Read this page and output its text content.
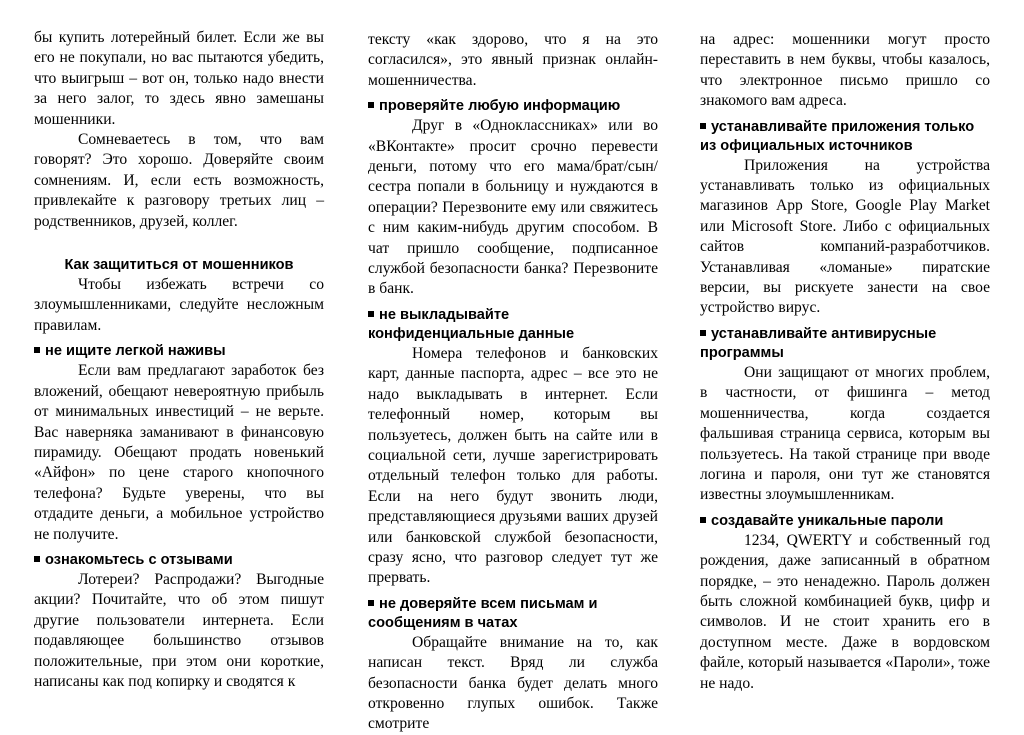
бы купить лотерейный билет. Если же вы его не покупали, но вас пытаются убедить, что выигрыш – вот он, только надо внести за него залог, то здесь явно замешаны мошенники.

Сомневаетесь в том, что вам говорят? Это хорошо. Доверяйте своим сомнениям. И, если есть возможность, привлекайте к разговору третьих лиц – родственников, друзей, коллег.

Как защититься от мошенников

Чтобы избежать встречи со злоумышленниками, следуйте несложным правилам.

не ищите легкой наживы

Если вам предлагают заработок без вложений, обещают невероятную прибыль от минимальных инвестиций – не верьте. Вас наверняка заманивают в финансовую пирамиду. Обещают продать новенький «Айфон» по цене старого кнопочного телефона? Будьте уверены, что вы отдадите деньги, а мобильное устройство не получите.

ознакомьтесь с отзывами

Лотереи? Распродажи? Выгодные акции? Почитайте, что об этом пишут другие пользователи интернета. Если подавляющее большинство отзывов положительные, при этом они короткие, написаны как под копирку и сводятся к

тексту «как здорово, что я на это согласился», это явный признак онлайн-мошенничества.

проверяйте любую информацию

Друг в «Одноклассниках» или во «ВКонтакте» просит срочно перевести деньги, потому что его мама/брат/сын/сестра попали в больницу и нуждаются в операции? Перезвоните ему или свяжитесь с ним каким-нибудь другим способом. В чат пришло сообщение, подписанное службой безопасности банка? Перезвоните в банк.

не выкладывайте конфиденциальные данные

Номера телефонов и банковских карт, данные паспорта, адрес – все это не надо выкладывать в интернет. Если телефонный номер, которым вы пользуетесь, должен быть на сайте или в социальной сети, лучше зарегистрировать отдельный телефон только для работы. Если на него будут звонить люди, представляющиеся друзьями ваших друзей или банковской службой безопасности, сразу ясно, что разговор следует тут же прервать.

не доверяйте всем письмам и сообщениям в чатах

Обращайте внимание на то, как написан текст. Вряд ли служба безопасности банка будет делать много откровенно глупых ошибок. Также смотрите

на адрес: мошенники могут просто переставить в нем буквы, чтобы казалось, что электронное письмо пришло со знакомого вам адреса.

устанавливайте приложения только из официальных источников

Приложения на устройства устанавливать только из официальных магазинов App Store, Google Play Market или Microsoft Store. Либо с официальных сайтов компаний-разработчиков. Устанавливая «ломаные» пиратские версии, вы рискуете занести на свое устройство вирус.

устанавливайте антивирусные программы

Они защищают от многих проблем, в частности, от фишинга – метод мошенничества, когда создается фальшивая страница сервиса, которым вы пользуетесь. На такой странице при вводе логина и пароля, они тут же становятся известны злоумышленникам.

создавайте уникальные пароли

1234, QWERTY и собственный год рождения, даже записанный в обратном порядке, – это ненадежно. Пароль должен быть сложной комбинацией букв, цифр и символов. И не стоит хранить его в доступном месте. Даже в вордовском файле, который называется «Пароли», тоже не надо.
